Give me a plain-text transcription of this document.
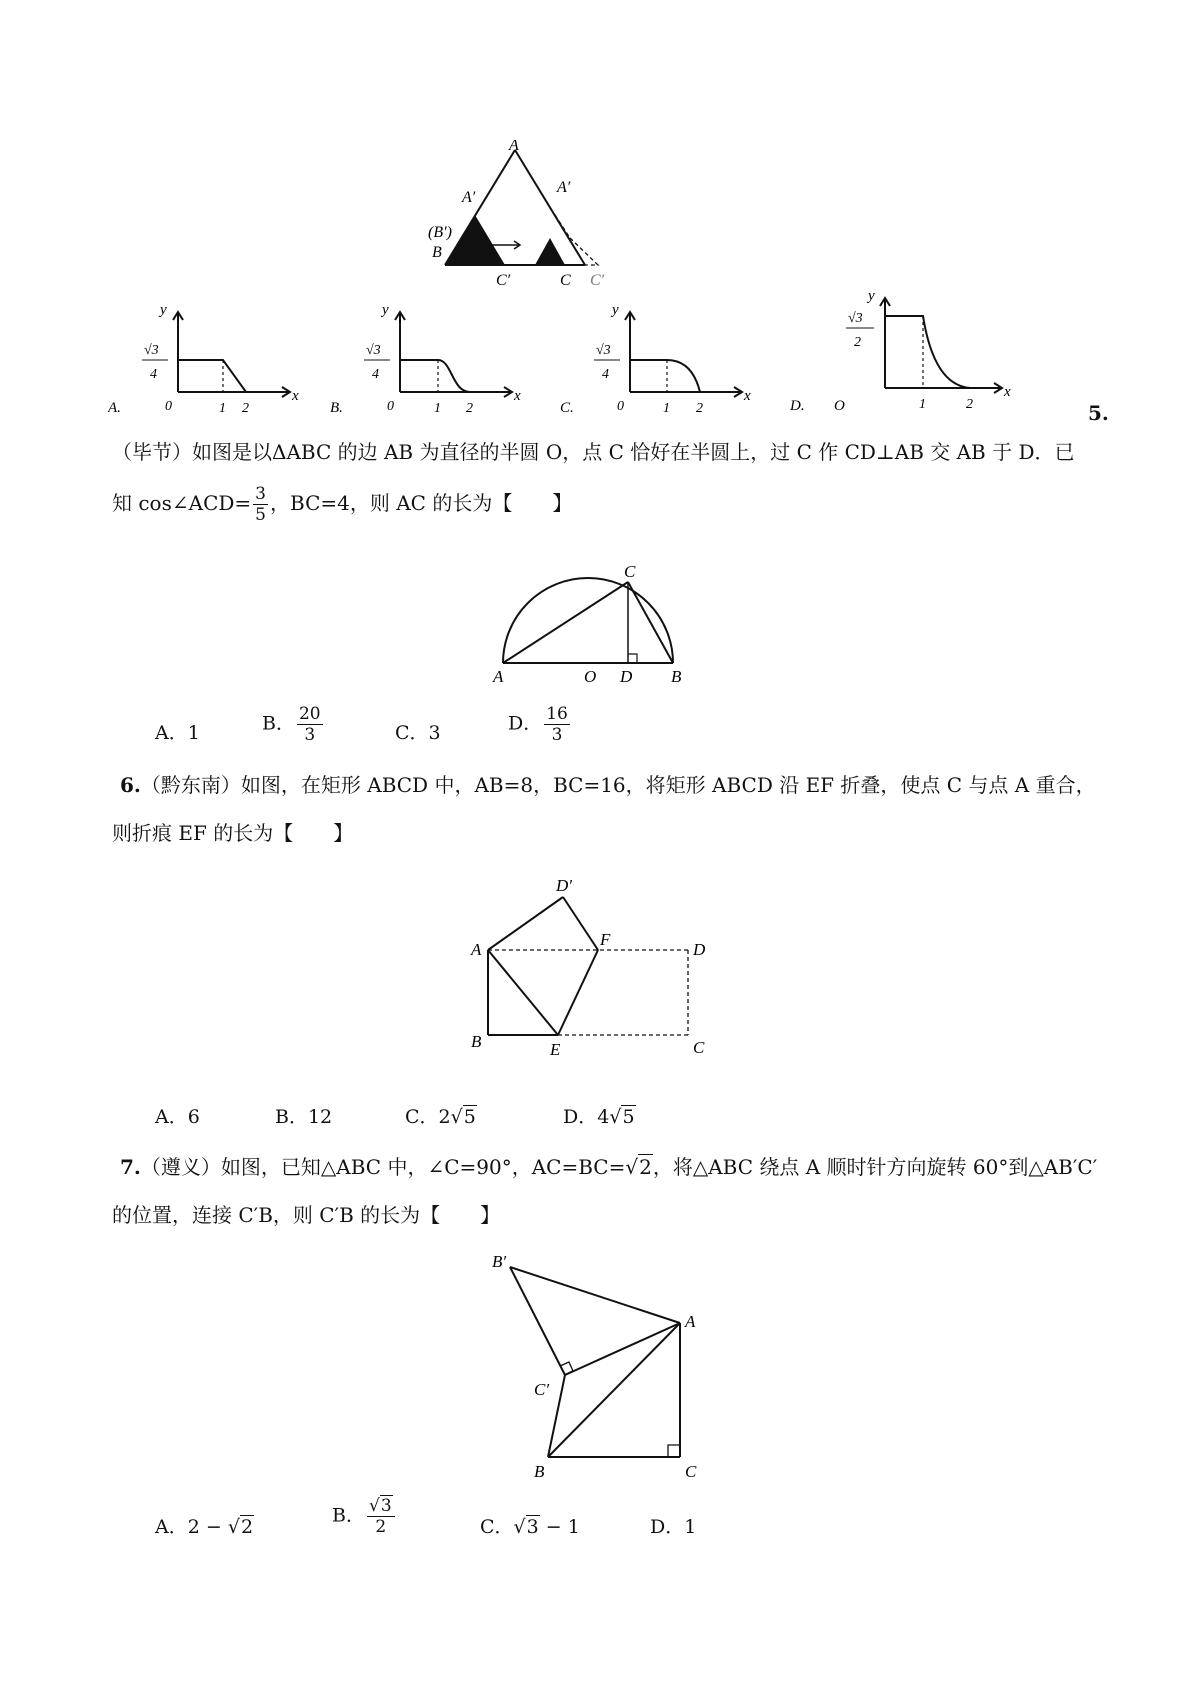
A
A′
A′
(B′)
B
C′	C C′
y
x
√3
4
0	1 2
A.
y
x
√3
4
0	1 2
B.
y
x
√3
4
0	1 2
C.
y
x
√3
2
O	1	2
D.	5.
（毕节）如图是以ΔABC 的边 AB 为直径的半圆 O，点 C 恰好在半圆上，过 C 作 CD⊥AB 交 AB 于 D．已
知 cos∠ACD= $\frac{3}{5}$ ，BC=4，则 AC 的长为【　　】
A	O D B
C
A．1	B． $\frac{20}{3}$	C．3	D． $\frac{16}{3}$
6.（黔东南）如图，在矩形 ABCD 中，AB=8，BC=16，将矩形 ABCD 沿 EF 折叠，使点 C 与点 A 重合，
则折痕 EF 的长为【　　】
D′
A
F
D
B	E	C
A．6	B．12	C．2√5	D．4√5
7.（遵义）如图，已知△ABC 中，∠C=90°，AC=BC=√2，将△ABC 绕点 A 顺时针方向旋转 60°到△AB′C′
的位置，连接 C′B，则 C′B 的长为【　　】
B′
A
C′
B	C
A．2 − √2
B． $\frac{√3}{2}$	C．√3 − 1	D．1
